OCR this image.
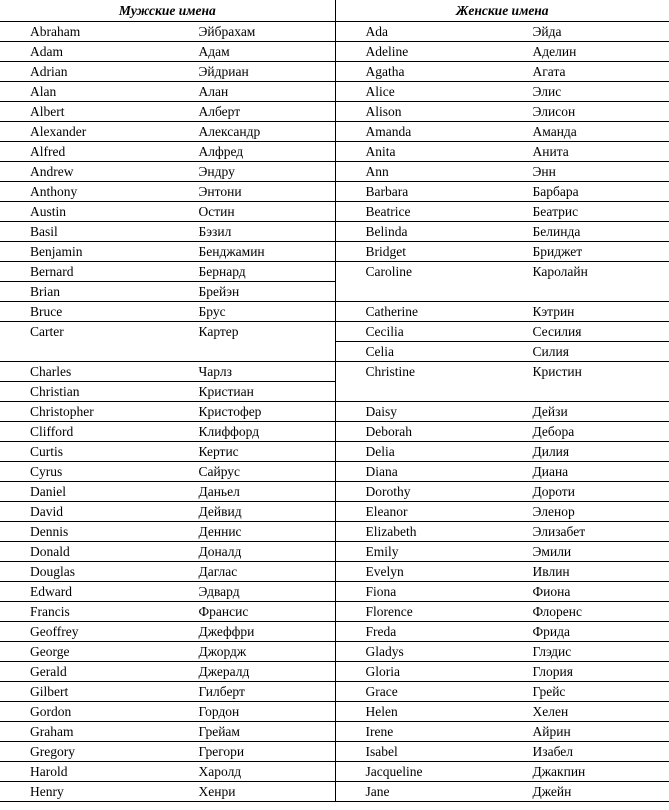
Мужские имена		Женские имена	
Abraham	Эйбрахам	Ada	Эйда
Adam	Адам	Adeline	Аделин
Adrian	Эйдриан	Agatha	Агата
Alan	Алан	Alice	Элис
Albert	Алберт	Alison	Элисон
Alexander	Александр	Amanda	Аманда
Alfred	Алфред	Anita	Анита
Andrew	Эндру	Ann	Энн
Anthony	Энтони	Barbara	Барбара
Austin	Остин	Beatrice	Беатрис
Basil	Бэзил	Belinda	Белинда
Benjamin	Бенджамин	Bridget	Бриджет
Bernard	Бернард	Caroline	Каролайн
Brian	Брейэн		
Bruce	Брус	Catherine	Кэтрин
Carter	Картер	Cecilia	Сесилия
		Celia	Силия
Charles	Чарлз	Christine	Кристин
Christian	Кристиан		
Christopher	Кристофер	Daisy	Дейзи
Clifford	Клиффорд	Deborah	Дебора
Curtis	Кертис	Delia	Дилия
Cyrus	Сайрус	Diana	Диана
Daniel	Даньел	Dorothy	Дороти
David	Дейвид	Eleanor	Эленор
Dennis	Деннис	Elizabeth	Элизабет
Donald	Доналд	Emily	Эмили
Douglas	Даглас	Evelyn	Ивлин
Edward	Эдвард	Fiona	Фиона
Francis	Франсис	Florence	Флоренс
Geoffrey	Джеффри	Freda	Фрида
George	Джордж	Gladys	Глэдис
Gerald	Джералд	Gloria	Глория
Gilbert	Гилберт	Grace	Грейс
Gordon	Гордон	Helen	Хелен
Graham	Грейам	Irene	Айрин
Gregory	Грегори	Isabel	Изабел
Harold	Харолд	Jacqueline	Джакпин
Henry	Хенри	Jane	Джейн
